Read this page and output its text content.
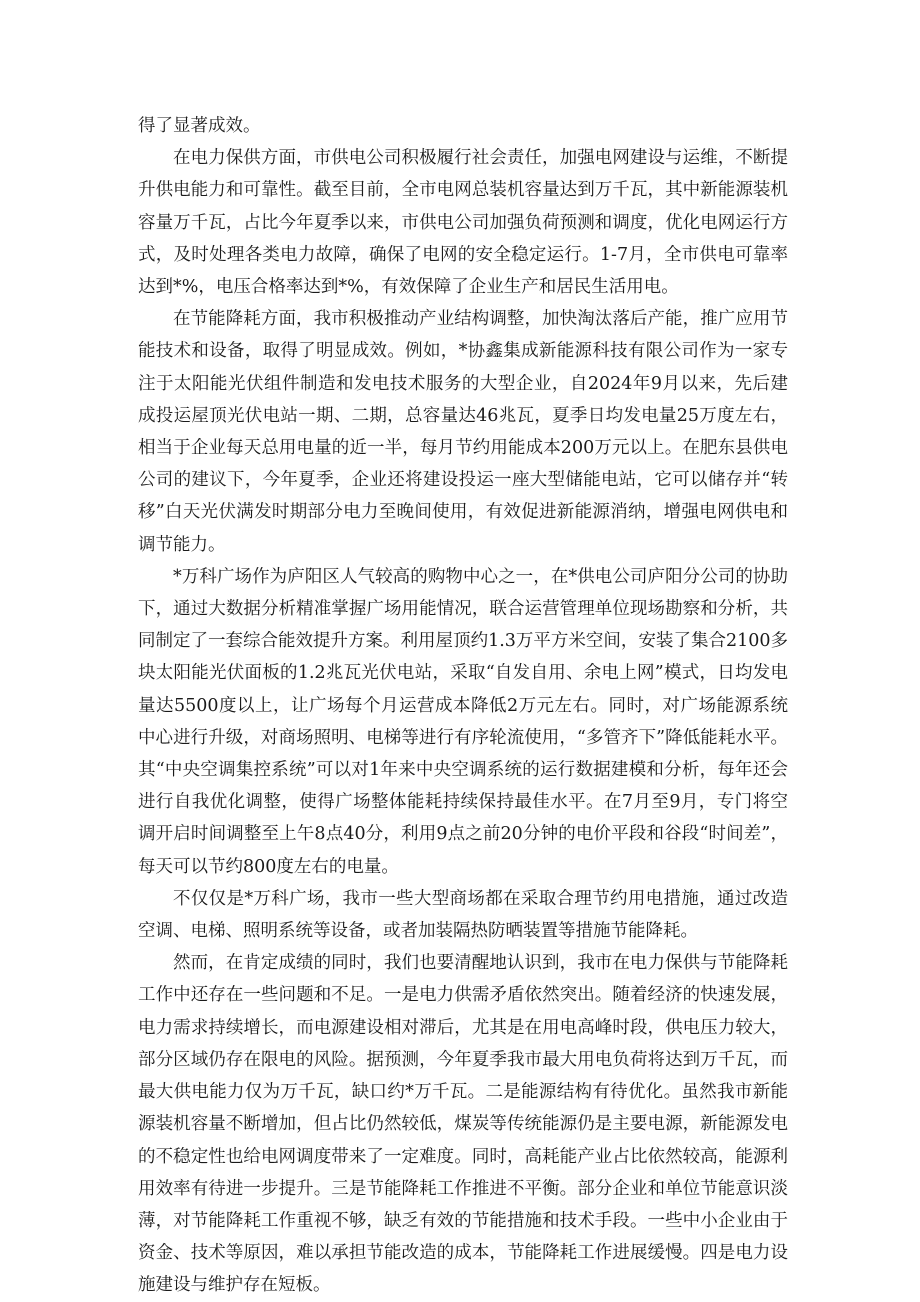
得了显著成效。

在电力保供方面，市供电公司积极履行社会责任，加强电网建设与运维，不断提升供电能力和可靠性。截至目前，全市电网总装机容量达到万千瓦，其中新能源装机容量万千瓦，占比今年夏季以来，市供电公司加强负荷预测和调度，优化电网运行方式，及时处理各类电力故障，确保了电网的安全稳定运行。1-7月，全市供电可靠率达到*%，电压合格率达到*%，有效保障了企业生产和居民生活用电。

在节能降耗方面，我市积极推动产业结构调整，加快淘汰落后产能，推广应用节能技术和设备，取得了明显成效。例如，*协鑫集成新能源科技有限公司作为一家专注于太阳能光伏组件制造和发电技术服务的大型企业，自2024年9月以来，先后建成投运屋顶光伏电站一期、二期，总容量达46兆瓦，夏季日均发电量25万度左右，相当于企业每天总用电量的近一半，每月节约用能成本200万元以上。在肥东县供电公司的建议下，今年夏季，企业还将建设投运一座大型储能电站，它可以储存并“转移”白天光伏满发时期部分电力至晚间使用，有效促进新能源消纳，增强电网供电和调节能力。

*万科广场作为庐阳区人气较高的购物中心之一，在*供电公司庐阳分公司的协助下，通过大数据分析精准掌握广场用能情况，联合运营管理单位现场勘察和分析，共同制定了一套综合能效提升方案。利用屋顶约1.3万平方米空间，安装了集合2100多块太阳能光伏面板的1.2兆瓦光伏电站，采取“自发自用、余电上网”模式，日均发电量达5500度以上，让广场每个月运营成本降低2万元左右。同时，对广场能源系统中心进行升级，对商场照明、电梯等进行有序轮流使用，“多管齐下”降低能耗水平。其“中央空调集控系统”可以对1年来中央空调系统的运行数据建模和分析，每年还会进行自我优化调整，使得广场整体能耗持续保持最佳水平。在7月至9月，专门将空调开启时间调整至上午8点40分，利用9点之前20分钟的电价平段和谷段“时间差”，每天可以节约800度左右的电量。

不仅仅是*万科广场，我市一些大型商场都在采取合理节约用电措施，通过改造空调、电梯、照明系统等设备，或者加装隔热防晒装置等措施节能降耗。

然而，在肯定成绩的同时，我们也要清醒地认识到，我市在电力保供与节能降耗工作中还存在一些问题和不足。一是电力供需矛盾依然突出。随着经济的快速发展，电力需求持续增长，而电源建设相对滞后，尤其是在用电高峰时段，供电压力较大，部分区域仍存在限电的风险。据预测，今年夏季我市最大用电负荷将达到万千瓦，而最大供电能力仅为万千瓦，缺口约*万千瓦。二是能源结构有待优化。虽然我市新能源装机容量不断增加，但占比仍然较低，煤炭等传统能源仍是主要电源，新能源发电的不稳定性也给电网调度带来了一定难度。同时，高耗能产业占比依然较高，能源利用效率有待进一步提升。三是节能降耗工作推进不平衡。部分企业和单位节能意识淡薄，对节能降耗工作重视不够，缺乏有效的节能措施和技术手段。一些中小企业由于资金、技术等原因，难以承担节能改造的成本，节能降耗工作进展缓慢。四是电力设施建设与维护存在短板。
